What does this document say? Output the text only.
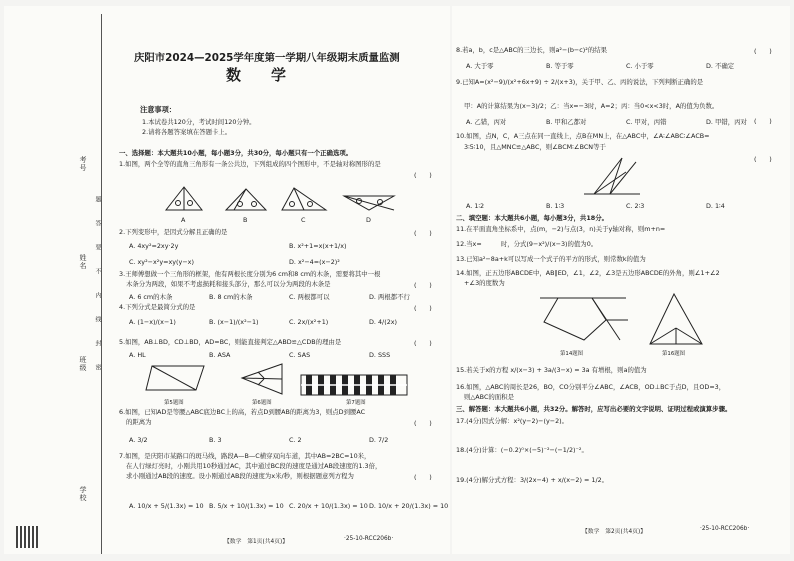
考号
姓名
班级
学校
题　答　要　不　内　线　封　密
庆阳市2024—2025学年度第一学期八年级期末质量监测
数　　学
注意事项：
1.本试卷共120分，考试时间120分钟。
2.请将各题答案填在答题卡上。
一、选择题：本大题共10小题，每小题3分，共30分，每小题只有一个正确选项。
1.如图，两个全等的直角三角形有一条公共边，下列组成的四个图形中，不是轴对称图形的是
(　　)
A	B	C	D
2.下列变形中，是因式分解且正确的是	(　　)
A. 4xy²=2xy·2y	B. x²+1=x(x+1/x)
C. xy²−x²y=xy(y−x)	D. x²−4=(x−2)²
3.王师傅想做一个三角形的框架，他有两根长度分别为6 cm和8 cm的木条，需要将其中一根
木条分为两段，如果不考虑损耗和接头部分，那么可以分为两段的木条是	(　　)
A. 6 cm的木条	B. 8 cm的木条	C. 两根都可以	D. 两根都不行
4.下列分式是最简分式的是	(　　)
A. (1−x)/(x−1)	B. (x−1)/(x²−1)	C. 2x/(x²+1)	D. 4/(2x)
5.如图，AB⊥BD，CD⊥BD，AD=BC，则能直接判定△ABD≌△CDB的理由是	(　　)
A. HL	B. ASA	C. SAS	D. SSS
第5题图	第6题图	第7题图
6.如图，已知AD是等腰△ABC底边BC上的高，若点D到腰AB的距离为3，则点D到腰AC
的距离为	(　　)
A. 3/2	B. 3	C. 2	D. 7/2
7.如图，是庆阳市某路口的斑马线，路段A—B—C横穿双向车道，其中AB=2BC=10米，
在人行绿灯亮时，小刚共用10秒通过AC，其中通过BC段的速度是通过AB段速度的1.3倍，
求小刚通过AB段的速度。设小刚通过AB段的速度为x米/秒，则根据题意列方程为	(　　)
A. 10/x + 5/(1.3x) = 10 B. 5/x + 10/(1.3x) = 10 C. 20/x + 10/(1.3x) = 10 D. 10/x + 20/(1.3x) = 10
【数学　第1页(共4页)】	·25-10-RCC206b·
8.若a，b，c是△ABC的三边长，则a²−(b−c)²的结果	(　　)
A. 大于零	B. 等于零	C. 小于零	D. 不确定
9.已知A=(x²−9)/(x²+6x+9) ÷ 2/(x+3)，关于甲、乙、丙的说法，下列判断正确的是
甲：A的计算结果为(x−3)/2；乙：当x=−3时，A=2；丙：当0<x<3时，A的值为负数。
(　　)
A. 乙错，丙对	B. 甲和乙都对	C. 甲对，丙错	D. 甲错，丙对
10.如图，点N，C，A三点在同一直线上，点B在MN上，在△ABC中，∠A∶∠ABC∶∠ACB=
3∶5∶10，且△MNC≌△ABC，则∠BCM∶∠BCN等于
(　　)
A. 1∶2	B. 1∶3	C. 2∶3	D. 1∶4
二、填空题：本大题共6小题，每小题3分，共18分。
11.在平面直角坐标系中，点(m，−2)与点(3，n)关于y轴对称，则m+n=
12.当x=　　　时，分式(9−x²)/(x−3)的值为0。
13.已知a²−8a+k可以写成一个式子的平方的形式，则常数k的值为
14.如图，正五边形ABCDE中，AB∥ED，∠1，∠2，∠3是五边形ABCDE的外角，则∠1+∠2
+∠3的度数为
第14题图	第16题图
15.若关于x的方程 x/(x−3) + 3a/(3−x) = 3a 有增根，则a的值为
16.如图，△ABC的周长是26，BO，CO分别平分∠ABC，∠ACB，OD⊥BC于点D，且OD=3，
则△ABC的面积是
三、解答题：本大题共6小题，共32分。解答时，应写出必要的文字说明、证明过程或演算步骤。
17.(4分)因式分解：x²(y−2)−(y−2)。
18.(4分)计算：(−0.2)⁰×(−5)⁻²−(−1/2)⁻²。
19.(4分)解分式方程：3/(2x−4) + x/(x−2) = 1/2。
【数学　第2页(共4页)】	·25-10-RCC206b·
